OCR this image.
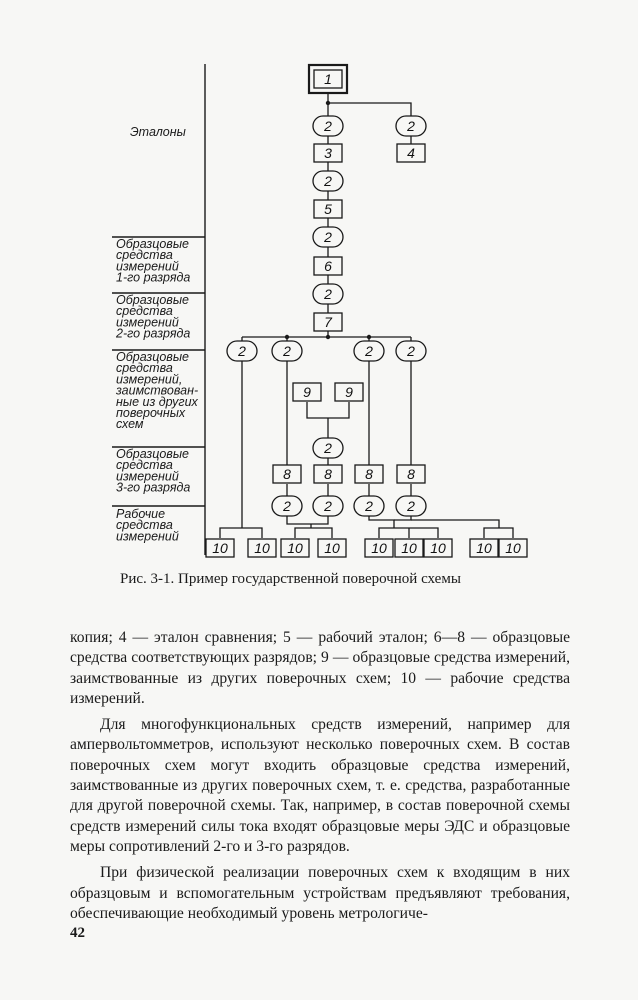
Эталоны
Образцовые средства измерений 1-го разряда
Образцовые средства измерений 2-го разряда
Образцовые средства измерений, заимствован-ные из других поверочных схем
Образцовые средства измерений 3-го разряда
Рабочие средства измерений
1
2	2
3	4
2
5
2
6
2
7
2	2	2 2
9 9
2
8 8 8 8
2 2 2 2
10 10 10 10 10 10 10 10 10
Рис. 3-1. Пример государственной поверочной схемы

копия; 4 — эталон сравнения; 5 — рабочий эталон; 6—8 — образцовые средства соответствующих разрядов; 9 — образцовые средства измерений, заимствованные из других поверочных схем; 10 — рабочие средства измерений.

Для многофункциональных средств измерений, например для ампервольтомметров, используют несколько поверочных схем. В состав поверочных схем могут входить образцовые средства измерений, заимствованные из других поверочных схем, т. е. средства, разработанные для другой поверочной схемы. Так, например, в состав поверочной схемы средств измерений силы тока входят образцовые меры ЭДС и образцовые меры сопротивлений 2-го и 3-го разрядов.

При физической реализации поверочных схем к входящим в них образцовым и вспомогательным устройствам предъявляют требования, обеспечивающие необходимый уровень метрологиче-

42
